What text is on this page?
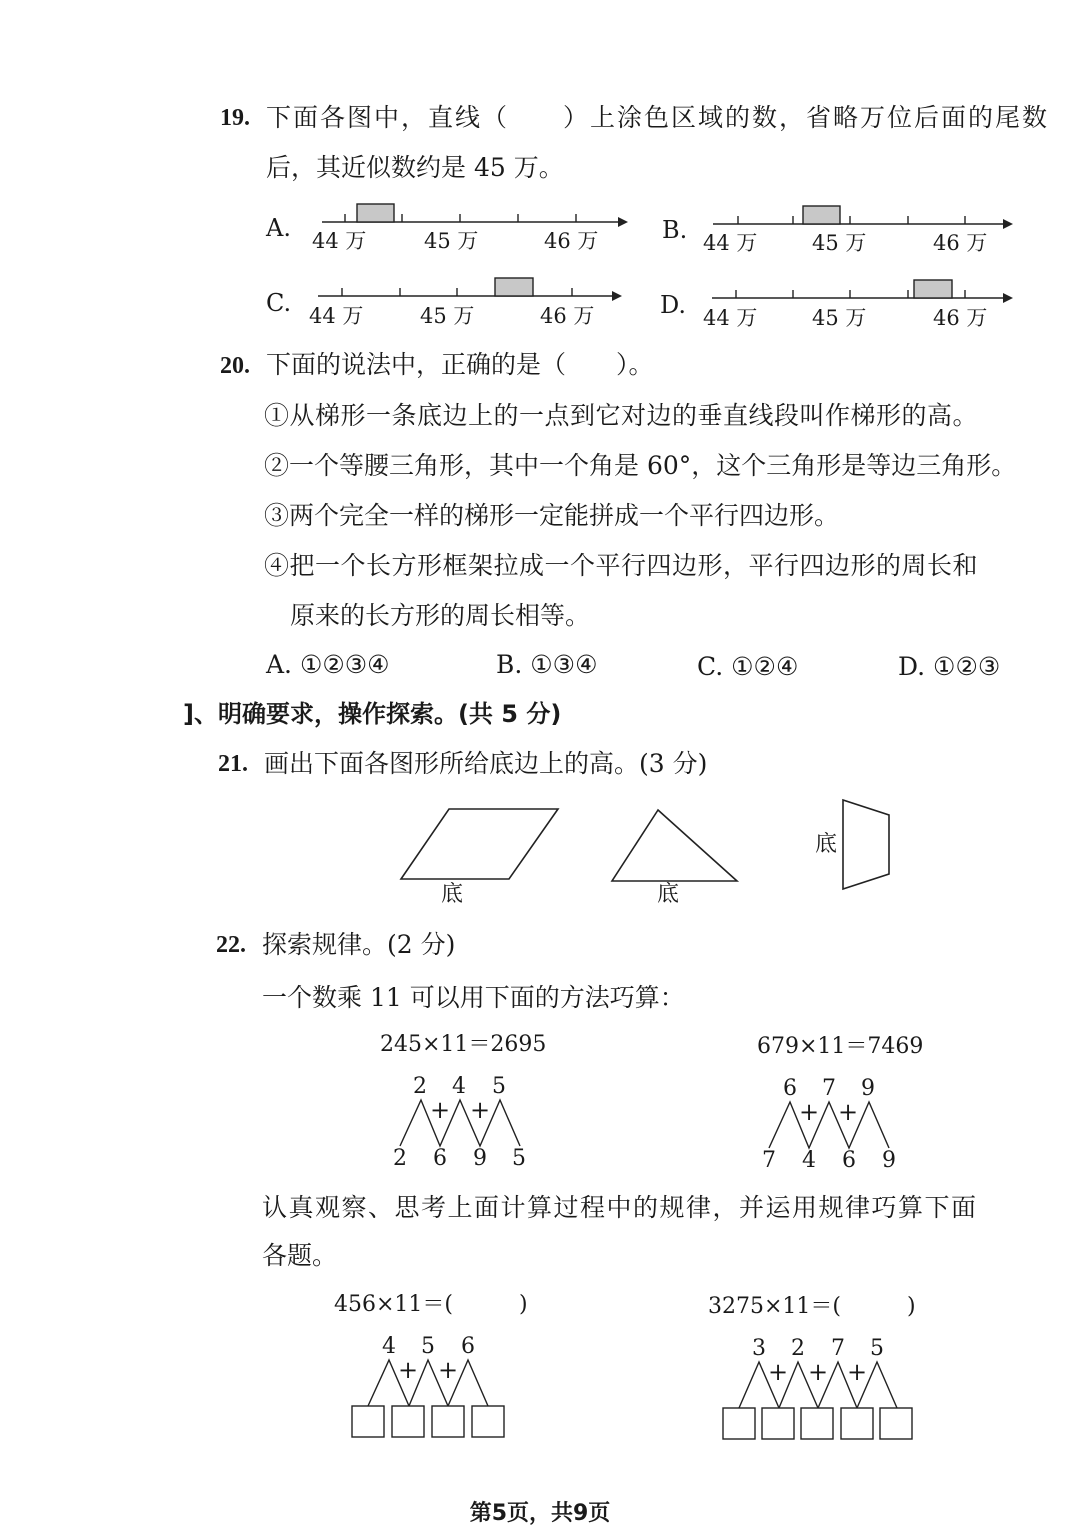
19. 下面各图中，直线（　　）上涂色区域的数，省略万位后面的尾数
后，其近似数约是 45 万。
A.	B.
C.	D.
44 万	45 万	46 万	44 万	45 万	46 万
44 万	45 万	46 万	44 万	45 万	46 万
20. 下面的说法中，正确的是（　　）。
①从梯形一条底边上的一点到它对边的垂直线段叫作梯形的高。
②一个等腰三角形，其中一个角是 60°，这个三角形是等边三角形。
③两个完全一样的梯形一定能拼成一个平行四边形。
④把一个长方形框架拉成一个平行四边形，平行四边形的周长和
原来的长方形的周长相等。
A. ①②③④	B. ①③④	C. ①②④	D. ①②③
]、明确要求，操作探索。(共 5 分)
21. 画出下面各图形所给底边上的高。(3 分)
底	底
底
22. 探索规律。(2 分)
一个数乘 11 可以用下面的方法巧算：
245×11＝2695	679×11＝7469
2 4 5
+ +
2 6 9 5
6 7 9
+ +
7 4 6 9
认真观察、思考上面计算过程中的规律，并运用规律巧算下面
各题。
456×11＝(　　　)	3275×11＝(　　　)
4 5 6
+ +
3 2 7 5
+ + +
第5页，共9页
